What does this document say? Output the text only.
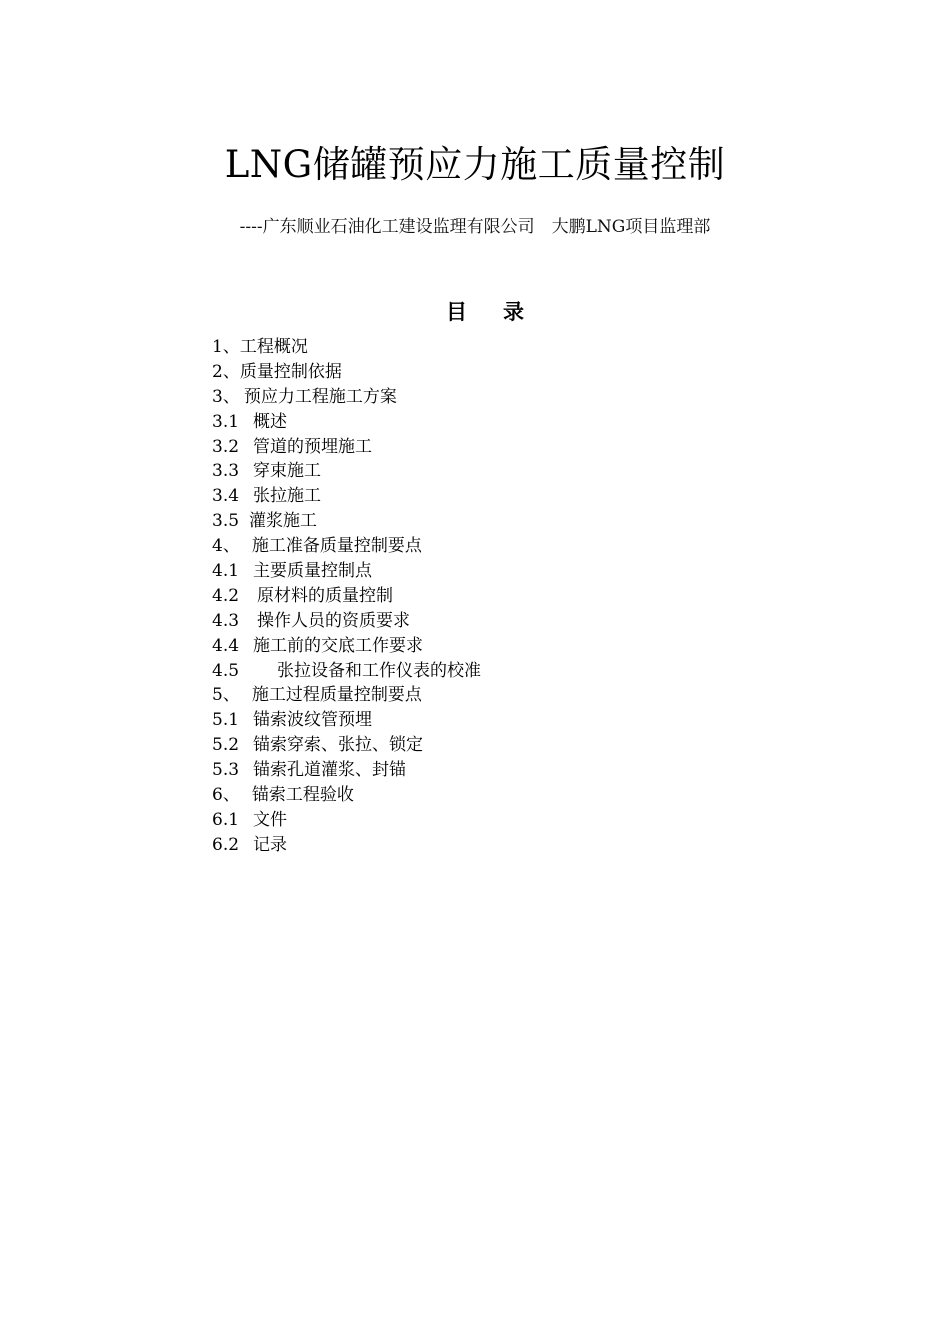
LNG储罐预应力施工质量控制
----广东顺业石油化工建设监理有限公司　大鹏LNG项目监理部
目录
1、工程概况
2、质量控制依据
3、 预应力工程施工方案
3.1 概述
3.2 管道的预埋施工
3.3 穿束施工
3.4 张拉施工
3.5 灌浆施工
4、 施工准备质量控制要点
4.1 主要质量控制点
4.2 原材料的质量控制
4.3 操作人员的资质要求
4.4 施工前的交底工作要求
4.5 张拉设备和工作仪表的校准
5、 施工过程质量控制要点
5.1 锚索波纹管预埋
5.2 锚索穿索、张拉、锁定
5.3 锚索孔道灌浆、封锚
6、 锚索工程验收
6.1 文件
6.2 记录
